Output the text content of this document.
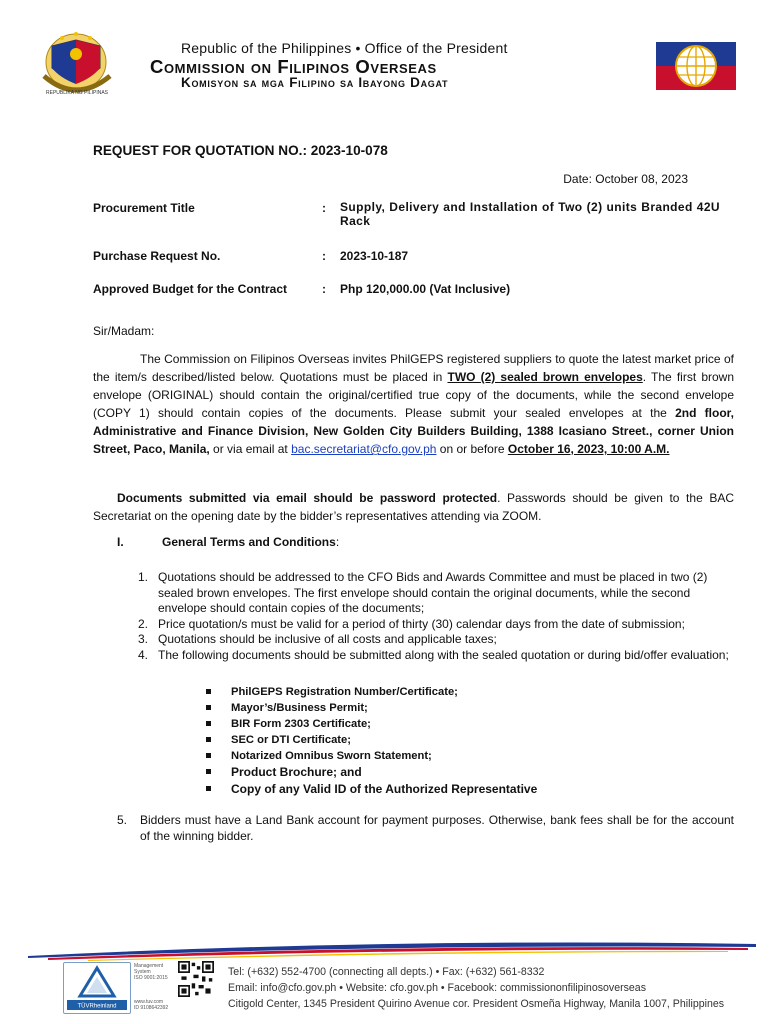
REPUBLIKA NG PILIPINAS
Republic of the Philippines • Office of the President
Commission on Filipinos Overseas
Komisyon sa mga Filipino sa Ibayong Dagat
REQUEST FOR QUOTATION NO.: 2023-10-078
Date: October 08, 2023
Procurement Title	: Supply, Delivery and Installation of Two (2) units Branded 42U Rack
Purchase Request No.	: 2023-10-187
Approved Budget for the Contract	: Php 120,000.00 (Vat Inclusive)
Sir/Madam:
The Commission on Filipinos Overseas invites PhilGEPS registered suppliers to quote the latest market price of the item/s described/listed below. Quotations must be placed in TWO (2) sealed brown envelopes. The first brown envelope (ORIGINAL) should contain the original/certified true copy of the documents, while the second envelope (COPY 1) should contain copies of the documents. Please submit your sealed envelopes at the 2nd floor, Administrative and Finance Division, New Golden City Builders Building, 1388 Icasiano Street., corner Union Street, Paco, Manila, or via email at bac.secretariat@cfo.gov.ph on or before October 16, 2023, 10:00 A.M.
Documents submitted via email should be password protected. Passwords should be given to the BAC Secretariat on the opening date by the bidder’s representatives attending via ZOOM.
I.	General Terms and Conditions:
1. Quotations should be addressed to the CFO Bids and Awards Committee and must be placed in two (2) sealed brown envelopes. The first envelope should contain the original documents, while the second envelope should contain copies of the documents;
2. Price quotation/s must be valid for a period of thirty (30) calendar days from the date of submission;
3. Quotations should be inclusive of all costs and applicable taxes;
4. The following documents should be submitted along with the sealed quotation or during bid/offer evaluation;
PhilGEPS Registration Number/Certificate;
Mayor’s/Business Permit;
BIR Form 2303 Certificate;
SEC or DTI Certificate;
Notarized Omnibus Sworn Statement;
Product Brochure; and
Copy of any Valid ID of the Authorized Representative
5. Bidders must have a Land Bank account for payment purposes. Otherwise, bank fees shall be for the account of the winning bidder.
TÜVRheinland
Management
System
ISO 9001:2015
www.tuv.com
ID 9108642392
Tel: (+632) 552-4700 (connecting all depts.) • Fax: (+632) 561-8332
Email: info@cfo.gov.ph • Website: cfo.gov.ph • Facebook: commissiononfilipinosoverseas
Citigold Center, 1345 President Quirino Avenue cor. President Osmeña Highway, Manila 1007, Philippines
